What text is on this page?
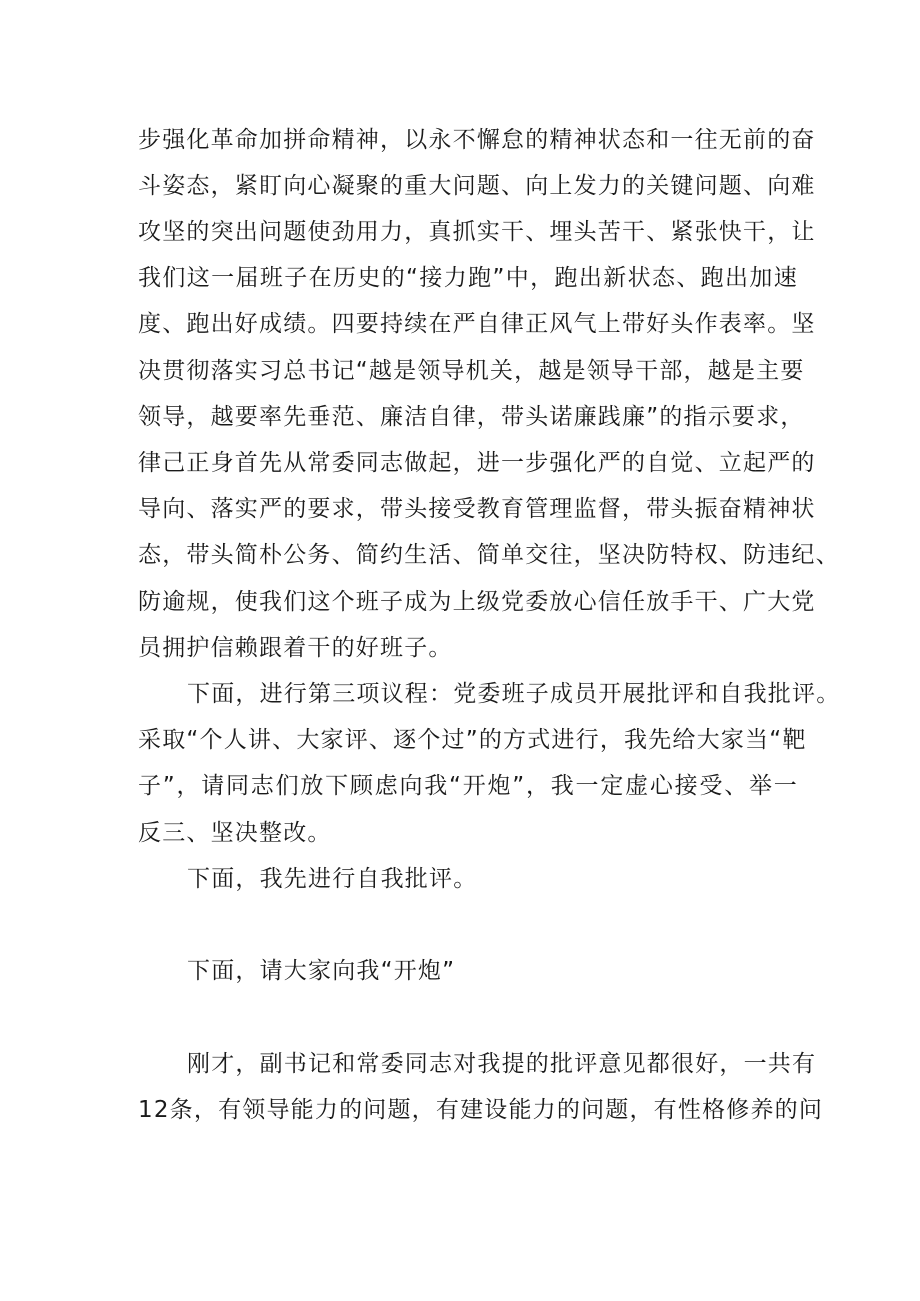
步强化革命加拼命精神，以永不懈怠的精神状态和一往无前的奋
斗姿态，紧盯向心凝聚的重大问题、向上发力的关键问题、向难
攻坚的突出问题使劲用力，真抓实干、埋头苦干、紧张快干，让
我们这一届班子在历史的“接力跑”中，跑出新状态、跑出加速
度、跑出好成绩。四要持续在严自律正风气上带好头作表率。坚
决贯彻落实习总书记“越是领导机关，越是领导干部，越是主要
领导，越要率先垂范、廉洁自律，带头诺廉践廉”的指示要求，
律己正身首先从常委同志做起，进一步强化严的自觉、立起严的
导向、落实严的要求，带头接受教育管理监督，带头振奋精神状
态，带头简朴公务、简约生活、简单交往，坚决防特权、防违纪、
防逾规，使我们这个班子成为上级党委放心信任放手干、广大党
员拥护信赖跟着干的好班子。
下面，进行第三项议程：党委班子成员开展批评和自我批评。
采取“个人讲、大家评、逐个过”的方式进行，我先给大家当“靶
子”，请同志们放下顾虑向我“开炮”，我一定虚心接受、举一
反三、坚决整改。
下面，我先进行自我批评。
下面，请大家向我“开炮”
刚才，副书记和常委同志对我提的批评意见都很好，一共有
12条，有领导能力的问题，有建设能力的问题，有性格修养的问
